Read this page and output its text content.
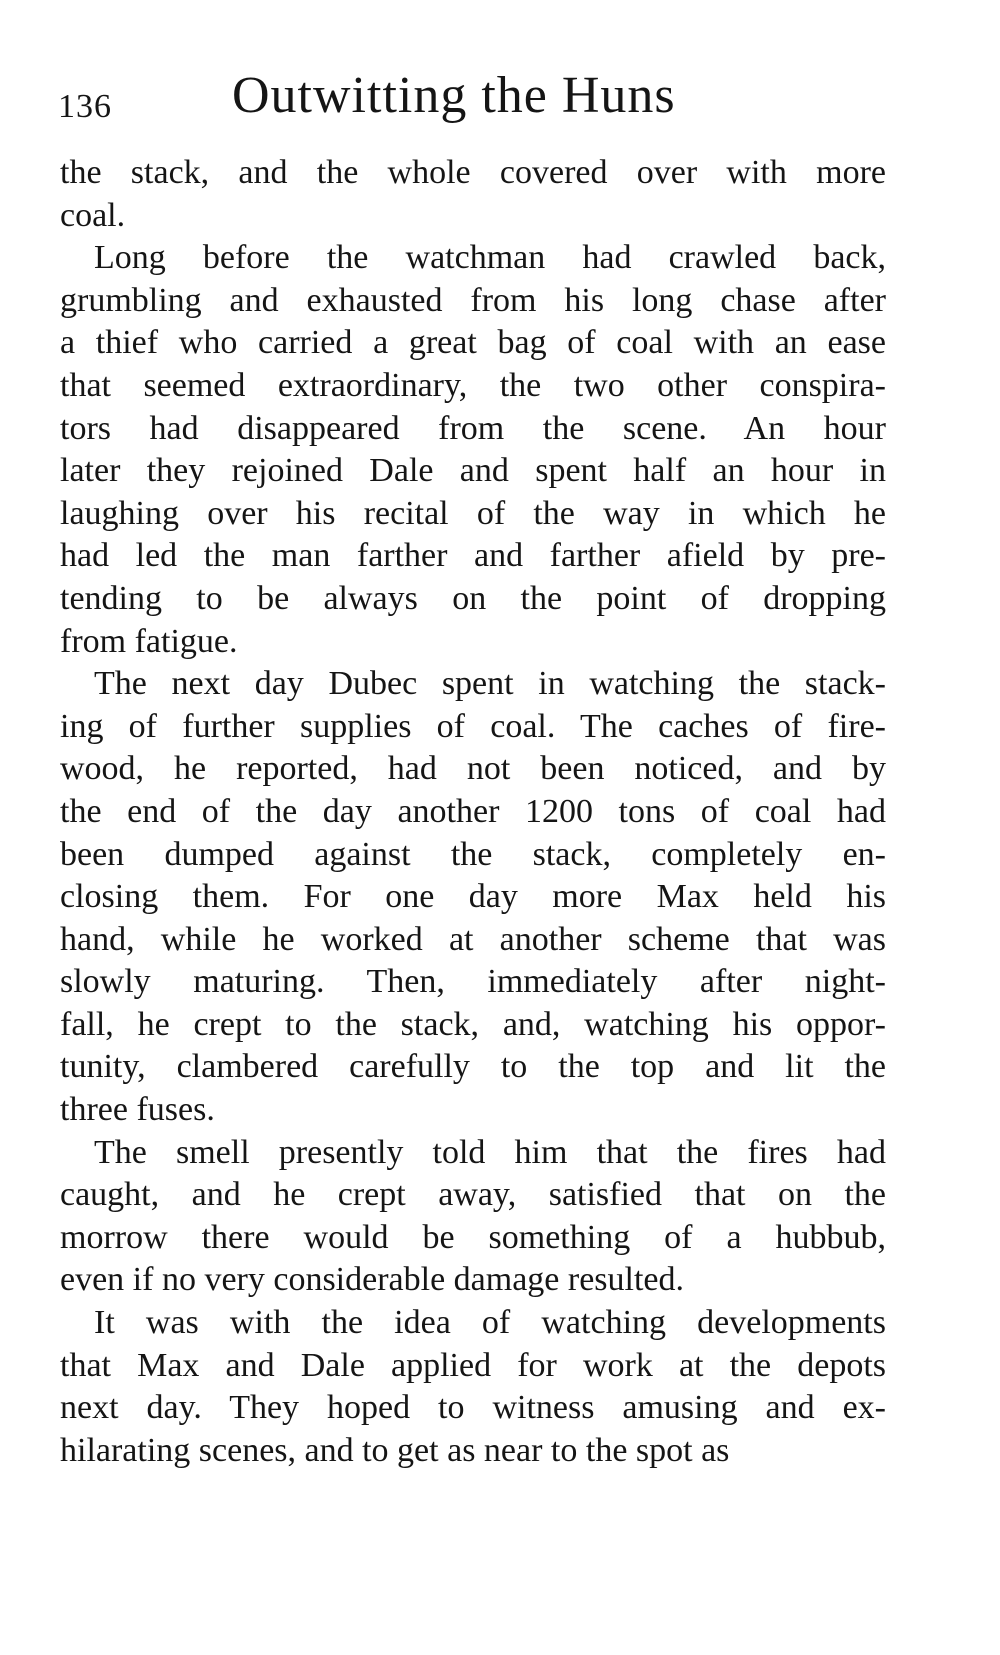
136 Outwitting the Huns
the stack, and the whole covered over with more
coal.
Long before the watchman had crawled back,
grumbling and exhausted from his long chase after
a thief who carried a great bag of coal with an ease
that seemed extraordinary, the two other conspira-
tors had disappeared from the scene. An hour
later they rejoined Dale and spent half an hour in
laughing over his recital of the way in which he
had led the man farther and farther afield by pre-
tending to be always on the point of dropping
from fatigue.
The next day Dubec spent in watching the stack-
ing of further supplies of coal. The caches of fire-
wood, he reported, had not been noticed, and by
the end of the day another 1200 tons of coal had
been dumped against the stack, completely en-
closing them. For one day more Max held his
hand, while he worked at another scheme that was
slowly maturing. Then, immediately after night-
fall, he crept to the stack, and, watching his oppor-
tunity, clambered carefully to the top and lit the
three fuses.
The smell presently told him that the fires had
caught, and he crept away, satisfied that on the
morrow there would be something of a hubbub,
even if no very considerable damage resulted.
It was with the idea of watching developments
that Max and Dale applied for work at the depots
next day. They hoped to witness amusing and ex-
hilarating scenes, and to get as near to the spot as
